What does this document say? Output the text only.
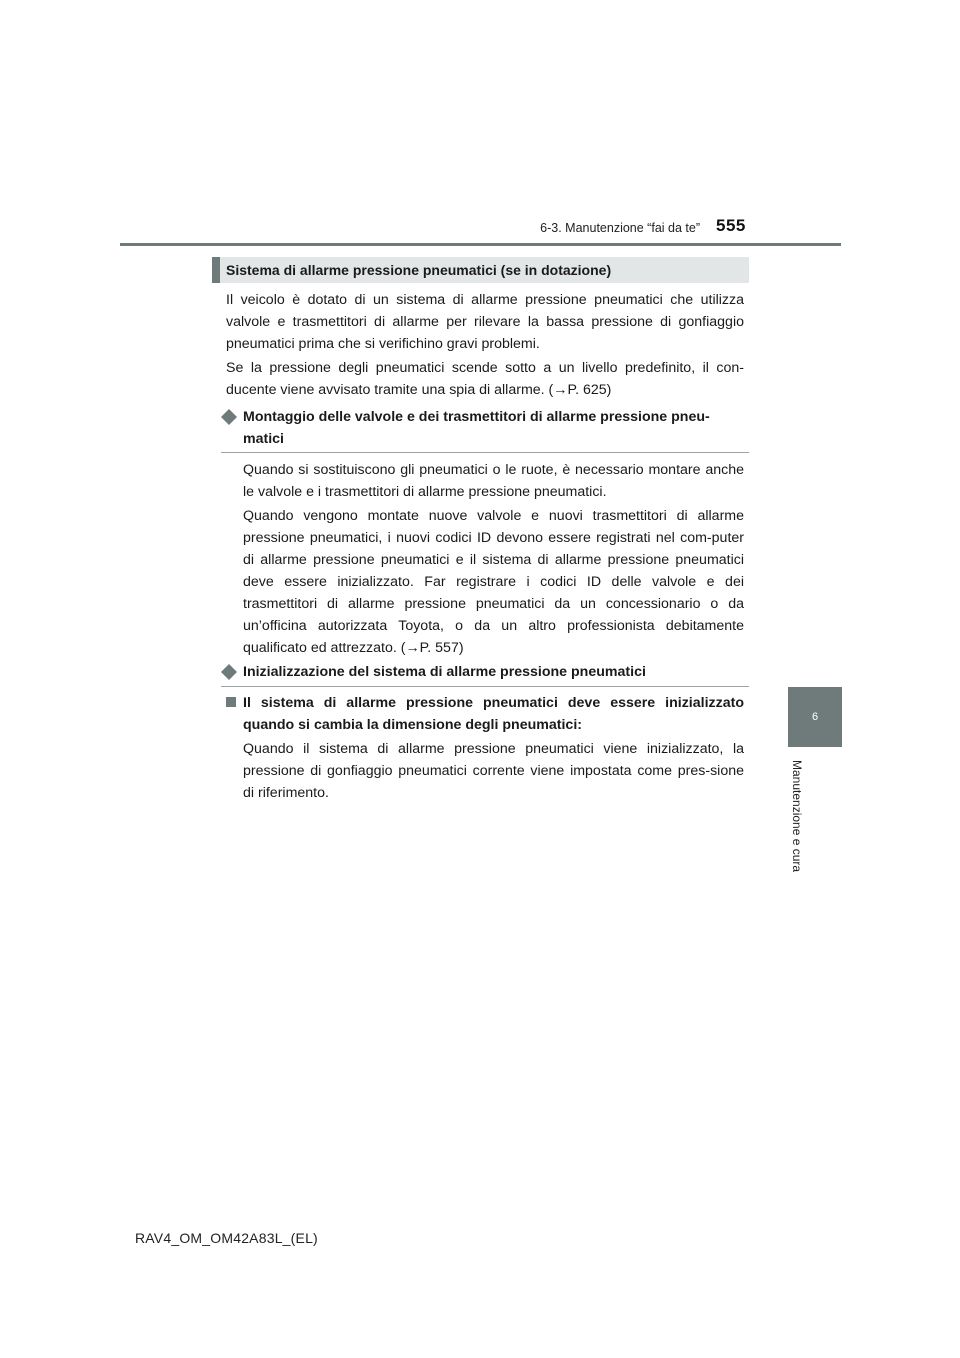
6-3. Manutenzione “fai da te” 555
6
Manutenzione e cura
Sistema di allarme pressione pneumatici (se in dotazione)

Il veicolo è dotato di un sistema di allarme pressione pneumatici che utilizza valvole e trasmettitori di allarme per rilevare la bassa pressione di gonfiaggio pneumatici prima che si verifichino gravi problemi.

Se la pressione degli pneumatici scende sotto a un livello predefinito, il con-ducente viene avvisato tramite una spia di allarme. (→P. 625)

Montaggio delle valvole e dei trasmettitori di allarme pressione pneu-matici

Quando si sostituiscono gli pneumatici o le ruote, è necessario montare anche le valvole e i trasmettitori di allarme pressione pneumatici.

Quando vengono montate nuove valvole e nuovi trasmettitori di allarme pressione pneumatici, i nuovi codici ID devono essere registrati nel com-puter di allarme pressione pneumatici e il sistema di allarme pressione pneumatici deve essere inizializzato. Far registrare i codici ID delle valvole e dei trasmettitori di allarme pressione pneumatici da un concessionario o da un’officina autorizzata Toyota, o da un altro professionista debitamente qualificato ed attrezzato. (→P. 557)

Inizializzazione del sistema di allarme pressione pneumatici
Il sistema di allarme pressione pneumatici deve essere inizializzato quando si cambia la dimensione degli pneumatici:

Quando il sistema di allarme pressione pneumatici viene inizializzato, la pressione di gonfiaggio pneumatici corrente viene impostata come pres-sione di riferimento.

RAV4_OM_OM42A83L_(EL)
